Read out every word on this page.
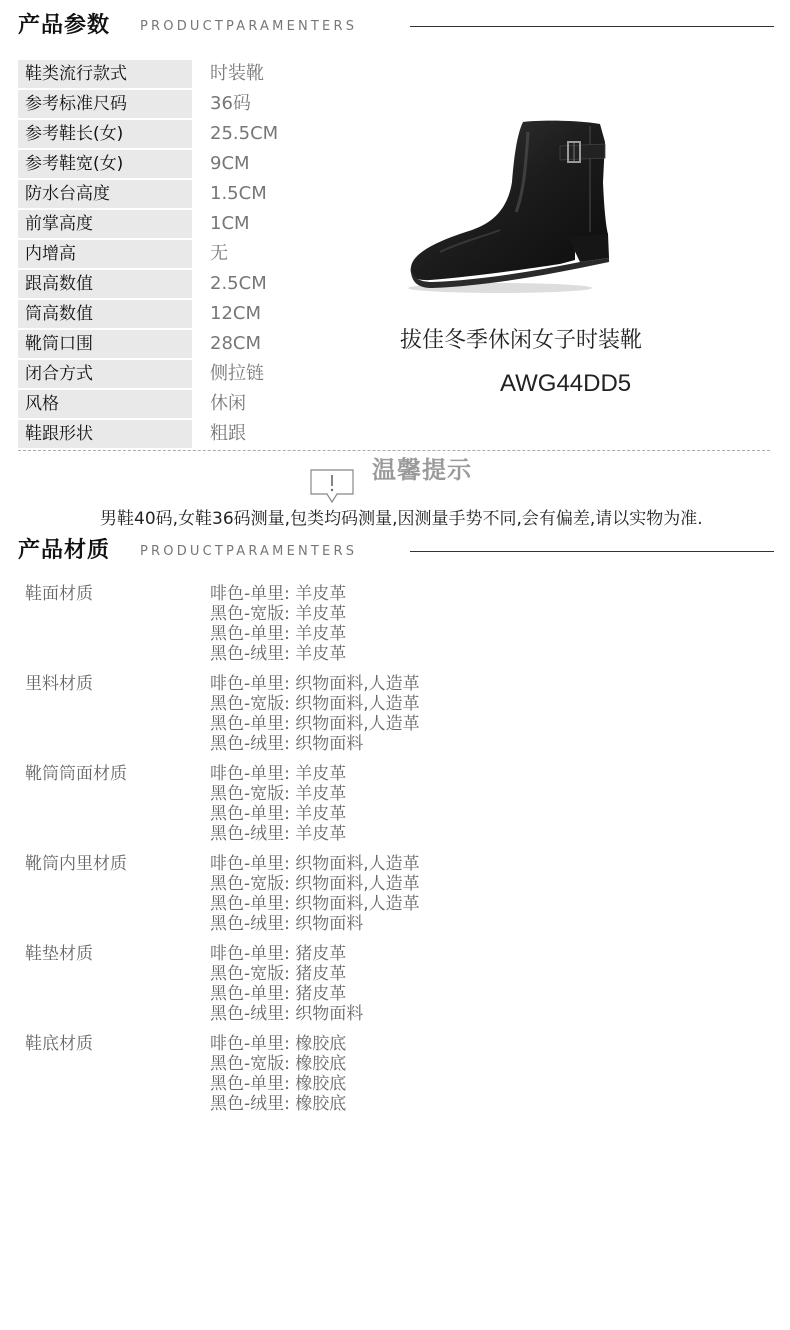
产品参数 PRODUCTPARAMENTERS
鞋类流行款式	时装靴
参考标准尺码	36码
参考鞋长(女)	25.5CM
参考鞋宽(女)	9CM
防水台高度	1.5CM
前掌高度	1CM
内增高	无
跟高数值	2.5CM
筒高数值	12CM
靴筒口围	28CM
闭合方式	侧拉链
风格	休闲
鞋跟形状	粗跟
拔佳冬季休闲女子时装靴
AWG44DD5
温馨提示
男鞋40码,女鞋36码测量,包类均码测量,因测量手势不同,会有偏差,请以实物为准.
产品材质 PRODUCTPARAMENTERS
鞋面材质	啡色-单里: 羊皮革
黑色-宽版: 羊皮革
黑色-单里: 羊皮革
黑色-绒里: 羊皮革
里料材质	啡色-单里: 织物面料,人造革
黑色-宽版: 织物面料,人造革
黑色-单里: 织物面料,人造革
黑色-绒里: 织物面料
靴筒筒面材质	啡色-单里: 羊皮革
黑色-宽版: 羊皮革
黑色-单里: 羊皮革
黑色-绒里: 羊皮革
靴筒内里材质	啡色-单里: 织物面料,人造革
黑色-宽版: 织物面料,人造革
黑色-单里: 织物面料,人造革
黑色-绒里: 织物面料
鞋垫材质	啡色-单里: 猪皮革
黑色-宽版: 猪皮革
黑色-单里: 猪皮革
黑色-绒里: 织物面料
鞋底材质	啡色-单里: 橡胶底
黑色-宽版: 橡胶底
黑色-单里: 橡胶底
黑色-绒里: 橡胶底
